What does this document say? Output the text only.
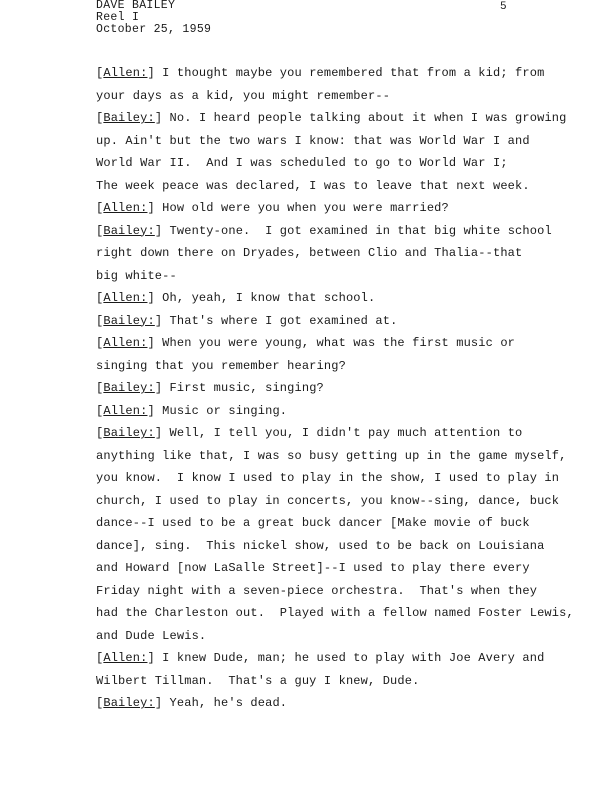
DAVE BAILEY
Reel I
October 25, 1959
5
[Allen:] I thought maybe you remembered that from a kid; from
your days as a kid, you might remember--
[Bailey:] No. I heard people talking about it when I was growing
up. Ain't but the two wars I know: that was World War I and
World War II.  And I was scheduled to go to World War I;
The week peace was declared, I was to leave that next week.
[Allen:] How old were you when you were married?
[Bailey:] Twenty-one.  I got examined in that big white school
right down there on Dryades, between Clio and Thalia--that
big white--
[Allen:] Oh, yeah, I know that school.
[Bailey:] That's where I got examined at.
[Allen:] When you were young, what was the first music or
singing that you remember hearing?
[Bailey:] First music, singing?
[Allen:] Music or singing.
[Bailey:] Well, I tell you, I didn't pay much attention to
anything like that, I was so busy getting up in the game myself,
you know.  I know I used to play in the show, I used to play in
church, I used to play in concerts, you know--sing, dance, buck
dance--I used to be a great buck dancer [Make movie of buck
dance], sing.  This nickel show, used to be back on Louisiana
and Howard [now LaSalle Street]--I used to play there every
Friday night with a seven-piece orchestra.  That's when they
had the Charleston out.  Played with a fellow named Foster Lewis,
and Dude Lewis.
[Allen:] I knew Dude, man; he used to play with Joe Avery and
Wilbert Tillman.  That's a guy I knew, Dude.
[Bailey:] Yeah, he's dead.
